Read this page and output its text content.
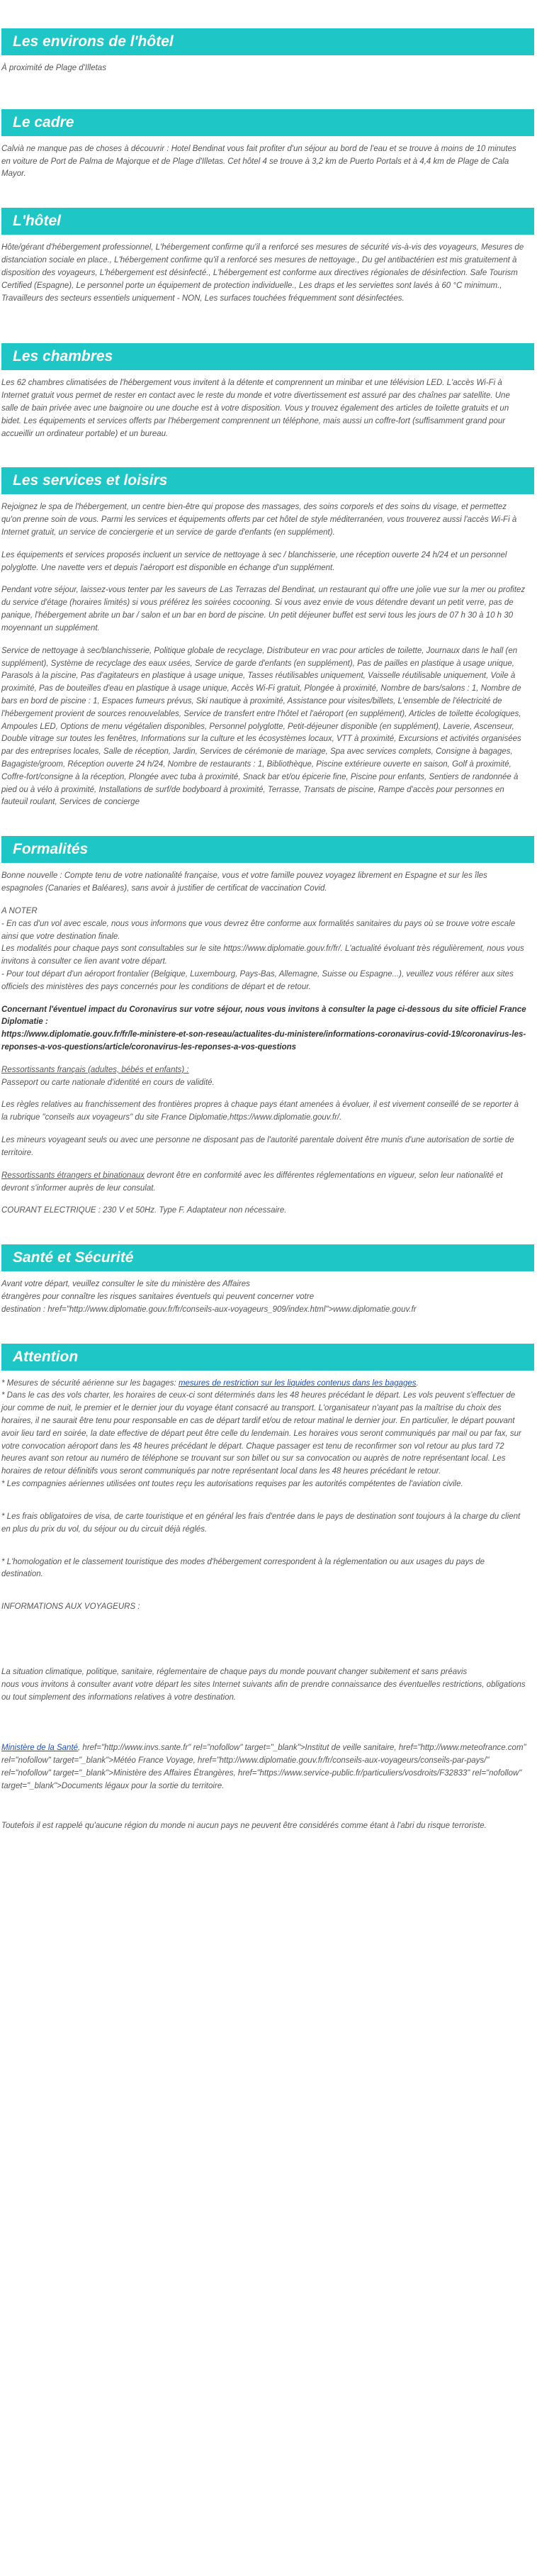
Les environs de l'hôtel

À proximité de Plage d'Illetas

Le cadre

Calvià ne manque pas de choses à découvrir : Hotel Bendinat vous fait profiter d'un séjour au bord de l'eau et se trouve à moins de 10 minutes en voiture de Port de Palma de Majorque et de Plage d'Illetas. Cet hôtel 4 se trouve à 3,2 km de Puerto Portals et à 4,4 km de Plage de Cala Mayor.

L'hôtel

Hôte/gérant d'hébergement professionnel, L'hébergement confirme qu'il a renforcé ses mesures de sécurité vis-à-vis des voyageurs, Mesures de distanciation sociale en place., L'hébergement confirme qu'il a renforcé ses mesures de nettoyage., Du gel antibactérien est mis gratuitement à disposition des voyageurs, L'hébergement est désinfecté., L'hébergement est conforme aux directives régionales de désinfection. Safe Tourism Certified (Espagne), Le personnel porte un équipement de protection individuelle., Les draps et les serviettes sont lavés à 60 °C minimum., Travailleurs des secteurs essentiels uniquement - NON, Les surfaces touchées fréquemment sont désinfectées.

Les chambres

Les 62 chambres climatisées de l'hébergement vous invitent à la détente et comprennent un minibar et une télévision LED. L'accès Wi-Fi à Internet gratuit vous permet de rester en contact avec le reste du monde et votre divertissement est assuré par des chaînes par satellite. Une salle de bain privée avec une baignoire ou une douche est à votre disposition. Vous y trouvez également des articles de toilette gratuits et un bidet. Les équipements et services offerts par l'hébergement comprennent un téléphone, mais aussi un coffre-fort (suffisamment grand pour accueillir un ordinateur portable) et un bureau.

Les services et loisirs

Rejoignez le spa de l'hébergement, un centre bien-être qui propose des massages, des soins corporels et des soins du visage, et permettez qu'on prenne soin de vous. Parmi les services et équipements offerts par cet hôtel de style méditerranéen, vous trouverez aussi l'accès Wi-Fi à Internet gratuit, un service de conciergerie et un service de garde d'enfants (en supplément).

Les équipements et services proposés incluent un service de nettoyage à sec / blanchisserie, une réception ouverte 24 h/24 et un personnel polyglotte. Une navette vers et depuis l'aéroport est disponible en échange d'un supplément.

Pendant votre séjour, laissez-vous tenter par les saveurs de Las Terrazas del Bendinat, un restaurant qui offre une jolie vue sur la mer ou profitez du service d'étage (horaires limités) si vous préférez les soirées cocooning. Si vous avez envie de vous détendre devant un petit verre, pas de panique, l'hébergement abrite un bar / salon et un bar en bord de piscine. Un petit déjeuner buffet est servi tous les jours de 07 h 30 à 10 h 30 moyennant un supplément.

Service de nettoyage à sec/blanchisserie, Politique globale de recyclage, Distributeur en vrac pour articles de toilette, Journaux dans le hall (en supplément), Système de recyclage des eaux usées, Service de garde d'enfants (en supplément), Pas de pailles en plastique à usage unique, Parasols à la piscine, Pas d'agitateurs en plastique à usage unique, Tasses réutilisables uniquement, Vaisselle réutilisable uniquement, Voile à proximité, Pas de bouteilles d'eau en plastique à usage unique, Accès Wi-Fi gratuit, Plongée à proximité, Nombre de bars/salons : 1, Nombre de bars en bord de piscine : 1, Espaces fumeurs prévus, Ski nautique à proximité, Assistance pour visites/billets, L'ensemble de l'électricité de l'hébergement provient de sources renouvelables, Service de transfert entre l'hôtel et l'aéroport (en supplément), Articles de toilette écologiques, Ampoules LED, Options de menu végétalien disponibles, Personnel polyglotte, Petit-déjeuner disponible (en supplément), Laverie, Ascenseur, Double vitrage sur toutes les fenêtres, Informations sur la culture et les écosystèmes locaux, VTT à proximité, Excursions et activités organisées par des entreprises locales, Salle de réception, Jardin, Services de cérémonie de mariage, Spa avec services complets, Consigne à bagages, Bagagiste/groom, Réception ouverte 24 h/24, Nombre de restaurants : 1, Bibliothèque, Piscine extérieure ouverte en saison, Golf à proximité, Coffre-fort/consigne à la réception, Plongée avec tuba à proximité, Snack bar et/ou épicerie fine, Piscine pour enfants, Sentiers de randonnée à pied ou à vélo à proximité, Installations de surf/de bodyboard à proximité, Terrasse, Transats de piscine, Rampe d'accès pour personnes en fauteuil roulant, Services de concierge

Formalités

Bonne nouvelle : Compte tenu de votre nationalité française, vous et votre famille pouvez voyagez librement en Espagne et sur les îles espagnoles (Canaries et Baléares), sans avoir à justifier de certificat de vaccination Covid.

A NOTER

- En cas d'un vol avec escale, nous vous informons que vous devrez être conforme aux formalités sanitaires du pays où se trouve votre escale ainsi que votre destination finale.

Les modalités pour chaque pays sont consultables sur le site https://www.diplomatie.gouv.fr/fr/. L'actualité évoluant très régulièrement, nous vous invitons à consulter ce lien avant votre départ.

- Pour tout départ d'un aéroport frontalier (Belgique, Luxembourg, Pays-Bas, Allemagne, Suisse ou Espagne...), veuillez vous référer aux sites officiels des ministères des pays concernés pour les conditions de départ et de retour.

Concernant l'éventuel impact du Coronavirus sur votre séjour, nous vous invitons à consulter la page ci-dessous du site officiel France Diplomatie :

https://www.diplomatie.gouv.fr/fr/le-ministere-et-son-reseau/actualites-du-ministere/informations-coronavirus-covid-19/coronavirus-les-reponses-a-vos-questions/article/coronavirus-les-reponses-a-vos-questions

Ressortissants français (adultes, bébés et enfants) :

Passeport ou carte nationale d'identité en cours de validité.

Les règles relatives au franchissement des frontières propres à chaque pays étant amenées à évoluer, il est vivement conseillé de se reporter à la rubrique "conseils aux voyageurs" du site France Diplomatie,https://www.diplomatie.gouv.fr/.

Les mineurs voyageant seuls ou avec une personne ne disposant pas de l'autorité parentale doivent être munis d'une autorisation de sortie de territoire.

Ressortissants étrangers et binationaux devront être en conformité avec les différentes réglementations en vigueur, selon leur nationalité et devront s'informer auprès de leur consulat.

COURANT ELECTRIQUE : 230 V et 50Hz. Type F. Adaptateur non nécessaire.

Santé et Sécurité

Avant votre départ, veuillez consulter le site du ministère des Affaires

étrangères pour connaître les risques sanitaires éventuels qui peuvent concerner votre

destination : href="http://www.diplomatie.gouv.fr/fr/conseils-aux-voyageurs_909/index.html">www.diplomatie.gouv.fr

Attention

* Mesures de sécurité aérienne sur les bagages: mesures de restriction sur les liquides contenus dans les bagages.

* Dans le cas des vols charter, les horaires de ceux-ci sont déterminés dans les 48 heures précédant le départ. Les vols peuvent s'effectuer de jour comme de nuit, le premier et le dernier jour du voyage étant consacré au transport. L'organisateur n'ayant pas la maîtrise du choix des horaires, il ne saurait être tenu pour responsable en cas de départ tardif et/ou de retour matinal le dernier jour. En particulier, le départ pouvant avoir lieu tard en soirée, la date effective de départ peut être celle du lendemain. Les horaires vous seront communiqués par mail ou par fax, sur votre convocation aéroport dans les 48 heures précédant le départ. Chaque passager est tenu de reconfirmer son vol retour au plus tard 72 heures avant son retour au numéro de téléphone se trouvant sur son billet ou sur sa convocation ou auprès de notre représentant local. Les horaires de retour définitifs vous seront communiqués par notre représentant local dans les 48 heures précédant le retour.

* Les compagnies aériennes utilisées ont toutes reçu les autorisations requises par les autorités compétentes de l'aviation civile.

* Les frais obligatoires de visa, de carte touristique et en général les frais d'entrée dans le pays de destination sont toujours à la charge du client en plus du prix du vol, du séjour ou du circuit déjà réglés.

* L'homologation et le classement touristique des modes d'hébergement correspondent à la réglementation ou aux usages du pays de destination.

INFORMATIONS AUX VOYAGEURS :

La situation climatique, politique, sanitaire, réglementaire de chaque pays du monde pouvant changer subitement et sans préavis

nous vous invitons à consulter avant votre départ les sites Internet suivants afin de prendre connaissance des éventuelles restrictions, obligations ou tout simplement des informations relatives à votre destination.

Ministère de la Santé, href="http://www.invs.sante.fr" rel="nofollow" target="_blank">Institut de veille sanitaire, href="http://www.meteofrance.com" rel="nofollow" target="_blank">Météo France Voyage, href="http://www.diplomatie.gouv.fr/fr/conseils-aux-voyageurs/conseils-par-pays/" rel="nofollow" target="_blank">Ministère des Affaires Étrangères, href="https://www.service-public.fr/particuliers/vosdroits/F32833" rel="nofollow" target="_blank">Documents légaux pour la sortie du territoire.

Toutefois il est rappelé qu'aucune région du monde ni aucun pays ne peuvent être considérés comme étant à l'abri du risque terroriste.
